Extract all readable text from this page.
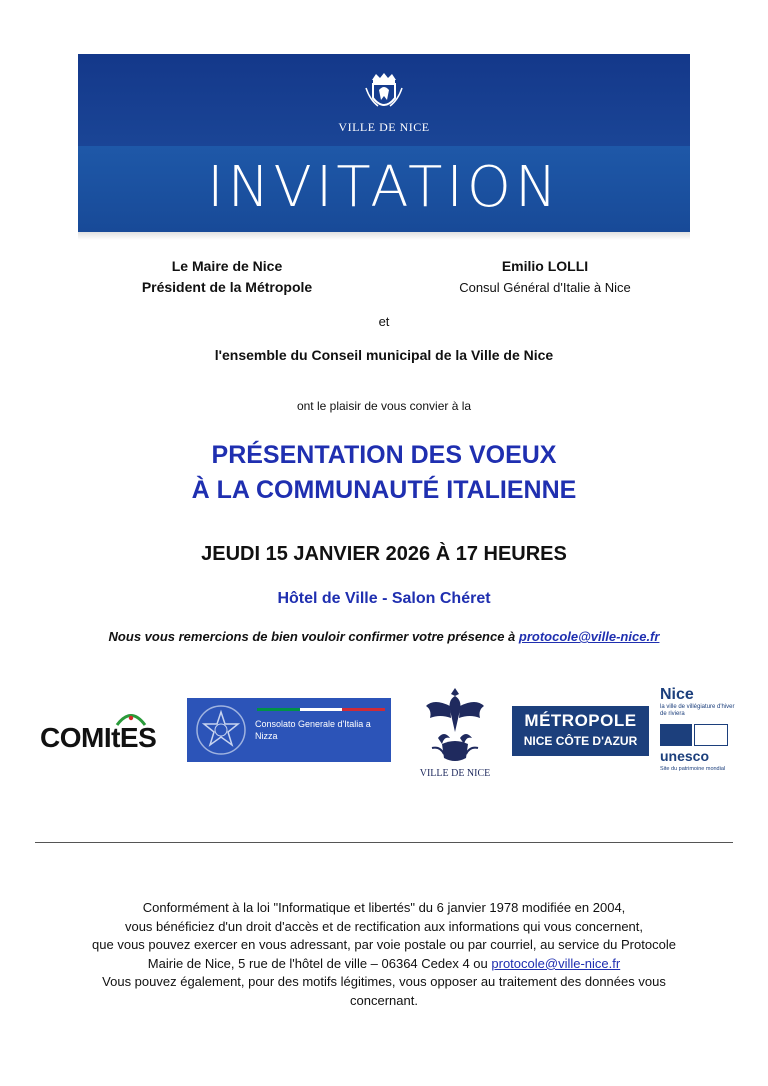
VILLE DE NICE
INVITATION
Le Maire de Nice
Président de la Métropole
Emilio LOLLI
Consul Général d'Italie à Nice
et
l'ensemble du Conseil municipal de la Ville de Nice
ont le plaisir de vous convier à la
PRÉSENTATION DES VOEUX
À LA COMMUNAUTÉ ITALIENNE
JEUDI 15 JANVIER 2026 À 17 HEURES
Hôtel de Ville - Salon Chéret
Nous vous remercions de bien vouloir confirmer votre présence à protocole@ville-nice.fr
COMItES	Consolato Generale d'Italia a Nizza
VILLE DE NICE
MÉTROPOLE
NICE CÔTE D'AZUR
Nice
la ville de villégiature d'hiver de riviera
unesco
Site du patrimoine mondial
Conformément à la loi "Informatique et libertés" du 6 janvier 1978 modifiée en 2004,
vous bénéficiez d'un droit d'accès et de rectification aux informations qui vous concernent,
que vous pouvez exercer en vous adressant, par voie postale ou par courriel, au service du Protocole
Mairie de Nice, 5 rue de l'hôtel de ville – 06364 Cedex 4 ou protocole@ville-nice.fr
Vous pouvez également, pour des motifs légitimes, vous opposer au traitement des données vous
concernant.
